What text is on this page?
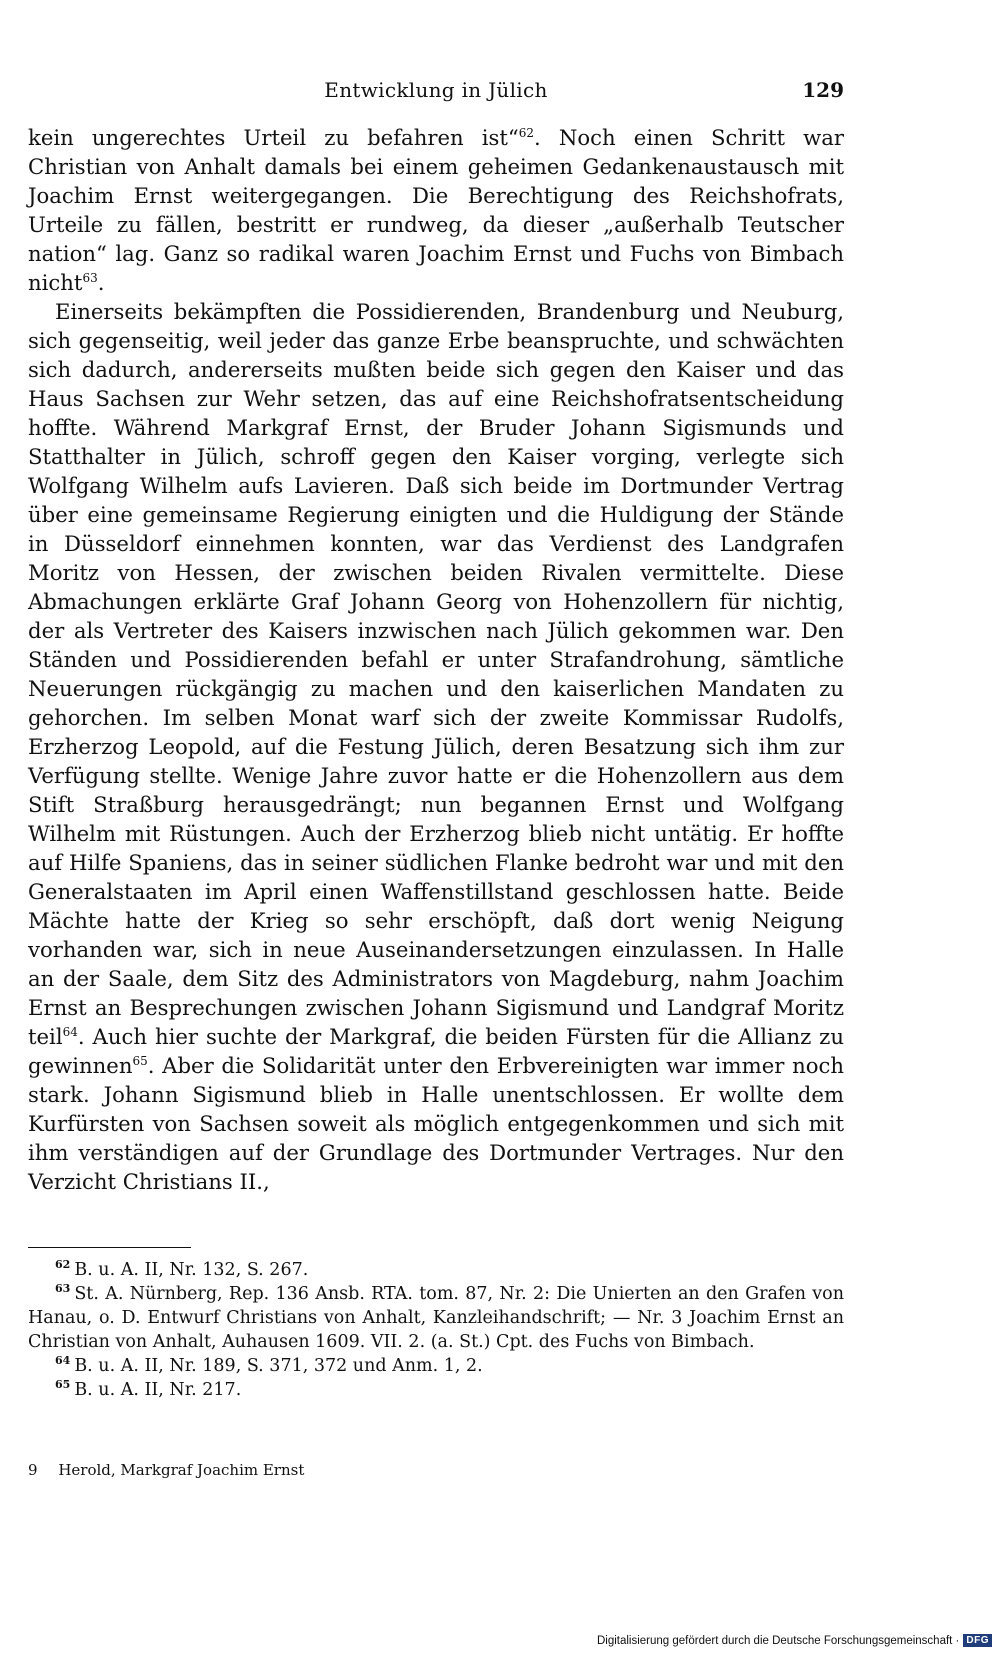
Entwicklung in Jülich	129

kein ungerechtes Urteil zu befahren ist“$^{62}$. Noch einen Schritt war Christian von Anhalt damals bei einem geheimen Gedankenaustausch mit Joachim Ernst weitergegangen. Die Berechtigung des Reichshofrats, Urteile zu fällen, bestritt er rundweg, da dieser „außerhalb Teutscher nation“ lag. Ganz so radikal waren Joachim Ernst und Fuchs von Bimbach nicht$^{63}$.

Einerseits bekämpften die Possidierenden, Brandenburg und Neuburg, sich gegenseitig, weil jeder das ganze Erbe beanspruchte, und schwächten sich dadurch, andererseits mußten beide sich gegen den Kaiser und das Haus Sachsen zur Wehr setzen, das auf eine Reichshofratsentscheidung hoffte. Während Markgraf Ernst, der Bruder Johann Sigismunds und Statthalter in Jülich, schroff gegen den Kaiser vorging, verlegte sich Wolfgang Wilhelm aufs Lavieren. Daß sich beide im Dortmunder Vertrag über eine gemeinsame Regierung einigten und die Huldigung der Stände in Düsseldorf einnehmen konnten, war das Verdienst des Landgrafen Moritz von Hessen, der zwischen beiden Rivalen vermittelte. Diese Abmachungen erklärte Graf Johann Georg von Hohenzollern für nichtig, der als Vertreter des Kaisers inzwischen nach Jülich gekommen war. Den Ständen und Possidierenden befahl er unter Strafandrohung, sämtliche Neuerungen rückgängig zu machen und den kaiserlichen Mandaten zu gehorchen. Im selben Monat warf sich der zweite Kommissar Rudolfs, Erzherzog Leopold, auf die Festung Jülich, deren Besatzung sich ihm zur Verfügung stellte. Wenige Jahre zuvor hatte er die Hohenzollern aus dem Stift Straßburg herausgedrängt; nun begannen Ernst und Wolfgang Wilhelm mit Rüstungen. Auch der Erzherzog blieb nicht untätig. Er hoffte auf Hilfe Spaniens, das in seiner südlichen Flanke bedroht war und mit den Generalstaaten im April einen Waffenstillstand geschlossen hatte. Beide Mächte hatte der Krieg so sehr erschöpft, daß dort wenig Neigung vorhanden war, sich in neue Auseinandersetzungen einzulassen. In Halle an der Saale, dem Sitz des Administrators von Magdeburg, nahm Joachim Ernst an Besprechungen zwischen Johann Sigismund und Landgraf Moritz teil$^{64}$. Auch hier suchte der Markgraf, die beiden Fürsten für die Allianz zu gewinnen$^{65}$. Aber die Solidarität unter den Erbvereinigten war immer noch stark. Johann Sigismund blieb in Halle unentschlossen. Er wollte dem Kurfürsten von Sachsen soweit als möglich entgegenkommen und sich mit ihm verständigen auf der Grundlage des Dortmunder Vertrages. Nur den Verzicht Christians II.,

$^{62}$ B. u. A. II, Nr. 132, S. 267.

$^{63}$ St. A. Nürnberg, Rep. 136 Ansb. RTA. tom. 87, Nr. 2: Die Unierten an den Grafen von Hanau, o. D. Entwurf Christians von Anhalt, Kanzleihandschrift; — Nr. 3 Joachim Ernst an Christian von Anhalt, Auhausen 1609. VII. 2. (a. St.) Cpt. des Fuchs von Bimbach.

$^{64}$ B. u. A. II, Nr. 189, S. 371, 372 und Anm. 1, 2.

$^{65}$ B. u. A. II, Nr. 217.

9 Herold, Markgraf Joachim Ernst
Digitalisierung gefördert durch die Deutsche Forschungsgemeinschaft · DFG
